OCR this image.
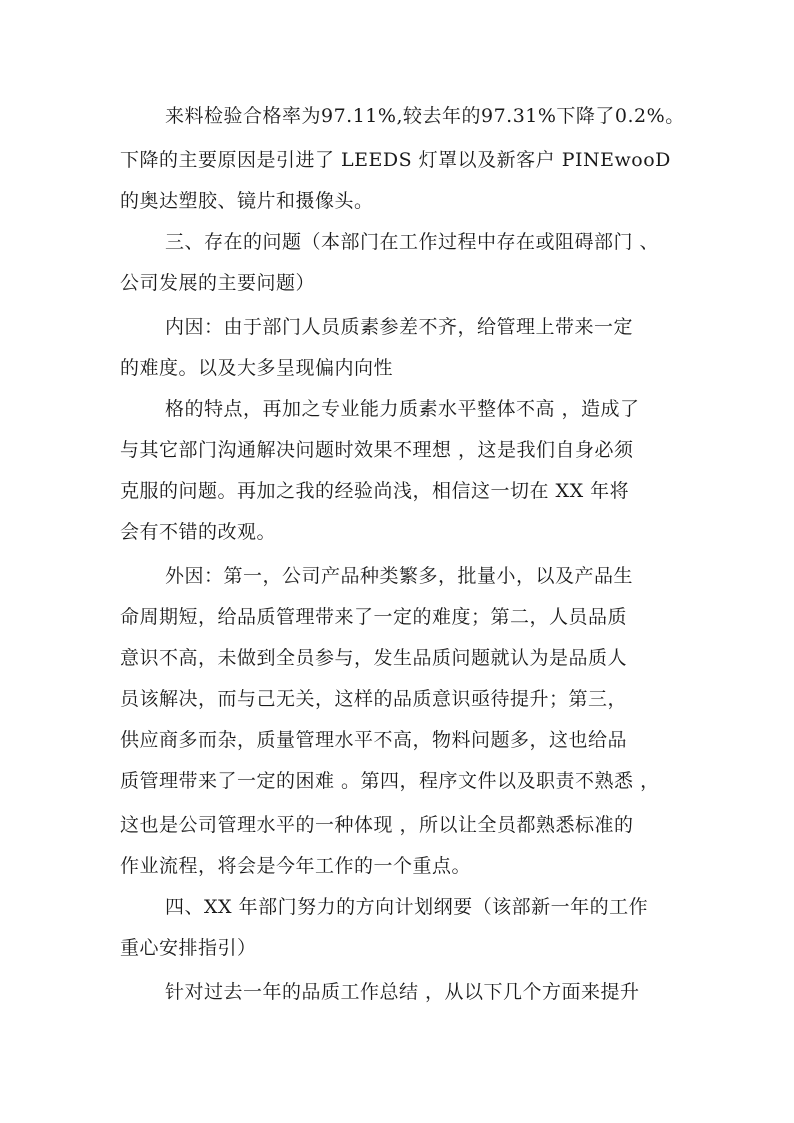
来料检验合格率为97.11%,较去年的97.31%下降了0.2%。
下降的主要原因是引进了 LEEDS 灯罩以及新客户 PINEwooD
的奥达塑胶、镜片和摄像头。
三、存在的问题（本部门在工作过程中存在或阻碍部门 、
公司发展的主要问题）
内因：由于部门人员质素参差不齐，给管理上带来一定
的难度。以及大多呈现偏内向性
格的特点，再加之专业能力质素水平整体不高 ，造成了
与其它部门沟通解决问题时效果不理想 ，这是我们自身必须
克服的问题。再加之我的经验尚浅，相信这一切在 XX 年将
会有不错的改观。
外因：第一，公司产品种类繁多，批量小，以及产品生
命周期短，给品质管理带来了一定的难度；第二，人员品质
意识不高，未做到全员参与，发生品质问题就认为是品质人
员该解决，而与己无关，这样的品质意识亟待提升；第三，
供应商多而杂，质量管理水平不高，物料问题多，这也给品
质管理带来了一定的困难 。第四，程序文件以及职责不熟悉 ，
这也是公司管理水平的一种体现 ，所以让全员都熟悉标准的
作业流程，将会是今年工作的一个重点。
四、XX 年部门努力的方向计划纲要（该部新一年的工作
重心安排指引）
针对过去一年的品质工作总结 ，从以下几个方面来提升
